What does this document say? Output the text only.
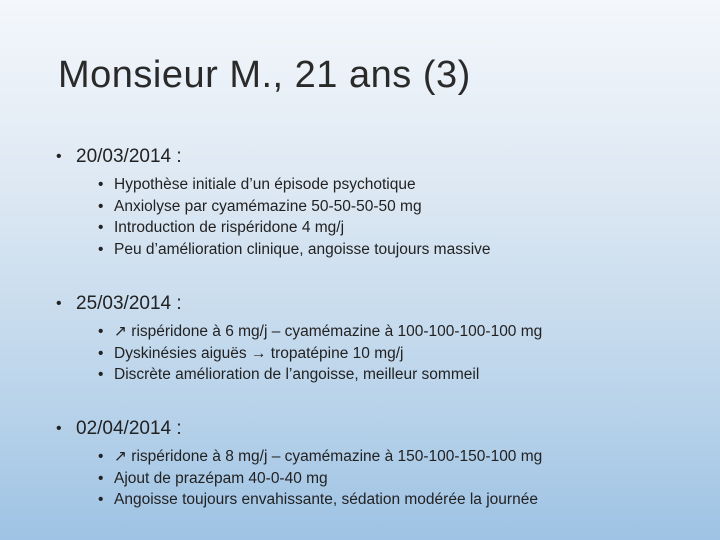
Monsieur M., 21 ans (3)
• 20/03/2014 :
• Hypothèse initiale d’un épisode psychotique
• Anxiolyse par cyamémazine 50-50-50-50 mg
• Introduction de rispéridone 4 mg/j
• Peu d’amélioration clinique, angoisse toujours massive
• 25/03/2014 :
• ↗ rispéridone à 6 mg/j – cyamémazine à 100-100-100-100 mg
• Dyskinésies aiguës → tropatépine 10 mg/j
• Discrète amélioration de l’angoisse, meilleur sommeil
• 02/04/2014 :
• ↗ rispéridone à 8 mg/j – cyamémazine à 150-100-150-100 mg
• Ajout de prazépam 40-0-40 mg
• Angoisse toujours envahissante, sédation modérée la journée
